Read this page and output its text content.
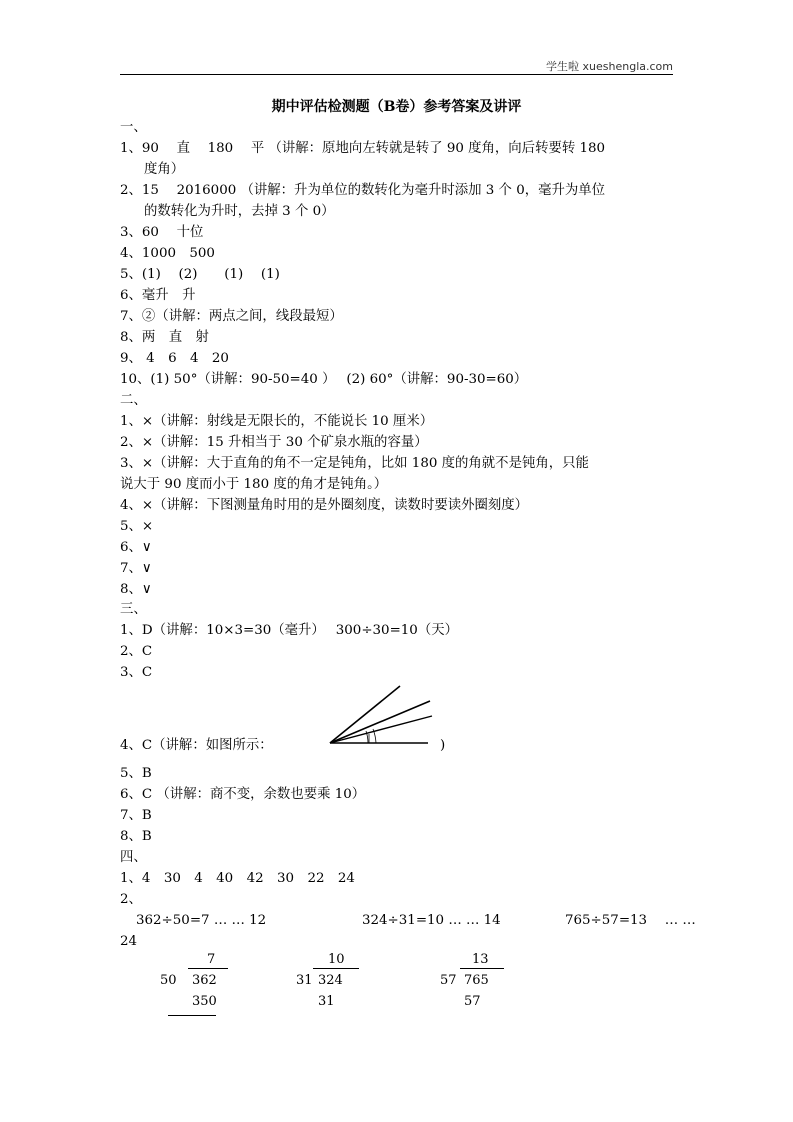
学生啦 xueshengla.com
期中评估检测题（B卷）参考答案及讲评
一、
1、90　 直　 180　 平 （讲解：原地向左转就是转了 90 度角，向后转要转 180
度角）
2、15　 2016000 （讲解：升为单位的数转化为毫升时添加 3 个 0，毫升为单位
的数转化为升时，去掉 3 个 0）
3、60　 十位
4、1000　500
5、(1)　 (2)　　(1)　 (1)
6、毫升　升
7、②（讲解：两点之间，线段最短）
8、两　直　射
9、 4　6　4　20
10、(1) 50°（讲解：90-50=40 ）　 (2) 60°（讲解：90-30=60）
二、
1、×（讲解：射线是无限长的，不能说长 10 厘米）
2、×（讲解：15 升相当于 30 个矿泉水瓶的容量）
3、×（讲解：大于直角的角不一定是钝角，比如 180 度的角就不是钝角，只能
说大于 90 度而小于 180 度的角才是钝角。）
4、×（讲解：下图测量角时用的是外圈刻度，读数时要读外圈刻度）
5、×
6、∨
7、∨
8、∨
三、
1、D（讲解：10×3=30（毫升）　 300÷30=10（天）
2、C
3、C
4、C（讲解：如图所示：	)
5、B
6、C （讲解：商不变，余数也要乘 10）
7、B
8、B
四、
1、4　30　4　40　42　30　22　24
2、
362÷50=7 … … 12	324÷31=10 … … 14	765÷57=13　 … …
24
7
50 362
350
10
31 324
31
13
57 765
57
